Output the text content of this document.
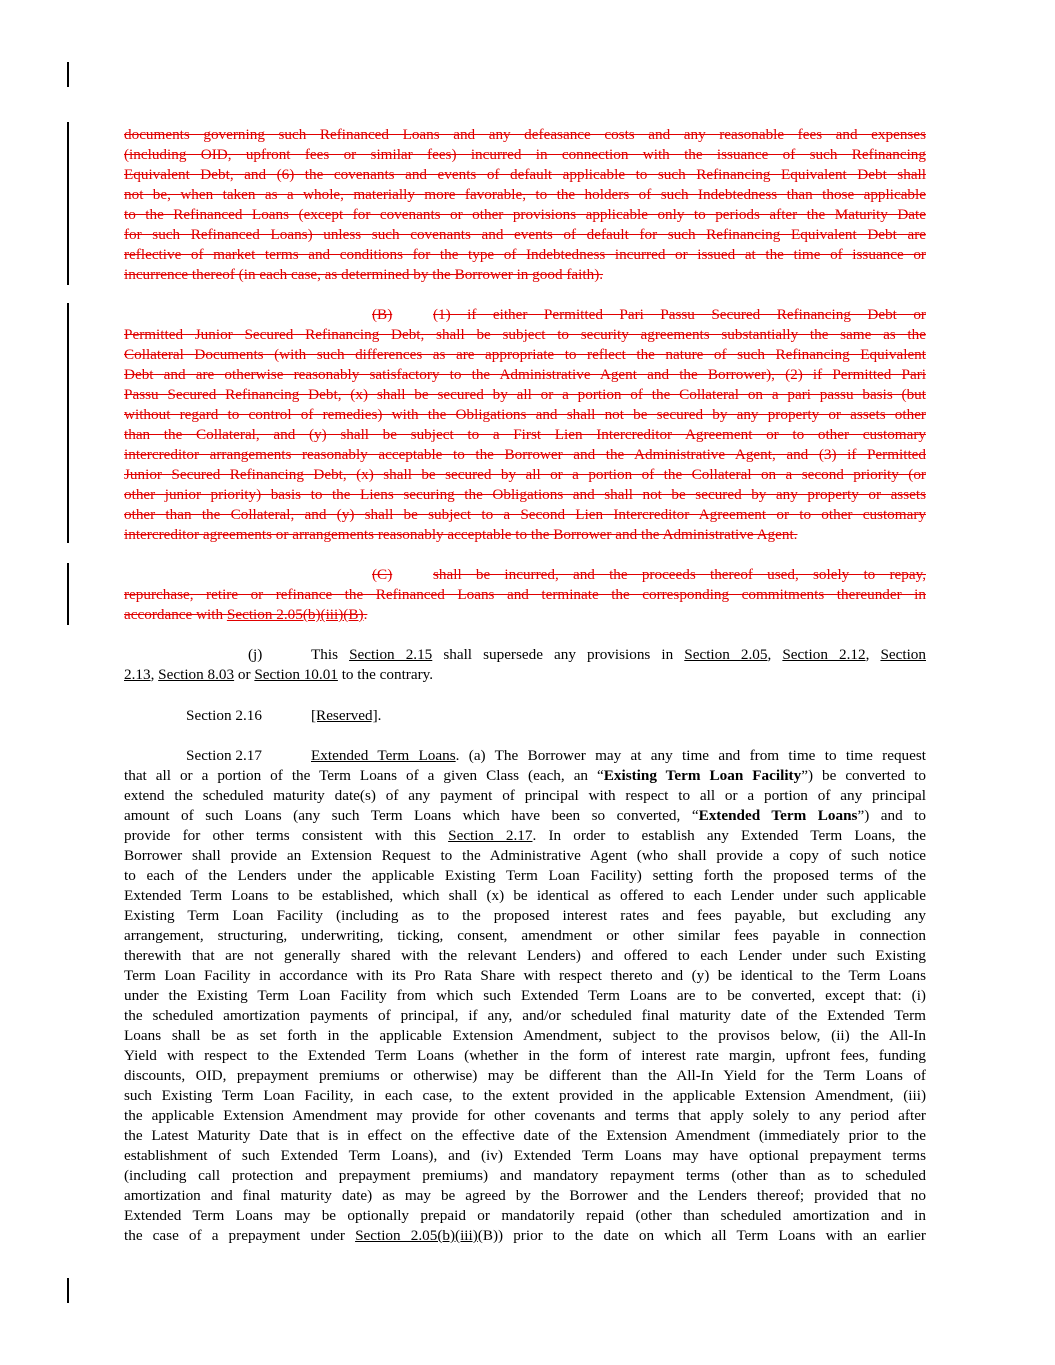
documents governing such Refinanced Loans and any defeasance costs and any reasonable fees and expenses
(including OID, upfront fees or similar fees) incurred in connection with the issuance of such Refinancing
Equivalent Debt, and (6) the covenants and events of default applicable to such Refinancing Equivalent Debt shall
not be, when taken as a whole, materially more favorable, to the holders of such Indebtedness than those applicable
to the Refinanced Loans (except for covenants or other provisions applicable only to periods after the Maturity Date
for such Refinanced Loans) unless such covenants and events of default for such Refinancing Equivalent Debt are
reflective of market terms and conditions for the type of Indebtedness incurred or issued at the time of issuance or
incurrence thereof (in each case, as determined by the Borrower in good faith).
(B)	(1) if either Permitted Pari Passu Secured Refinancing Debt or
Permitted Junior Secured Refinancing Debt, shall be subject to security agreements substantially the same as the
Collateral Documents (with such differences as are appropriate to reflect the nature of such Refinancing Equivalent
Debt and are otherwise reasonably satisfactory to the Administrative Agent and the Borrower), (2) if Permitted Pari
Passu Secured Refinancing Debt, (x) shall be secured by all or a portion of the Collateral on a pari passu basis (but
without regard to control of remedies) with the Obligations and shall not be secured by any property or assets other
than the Collateral, and (y) shall be subject to a First Lien Intercreditor Agreement or to other customary
intercreditor arrangements reasonably acceptable to the Borrower and the Administrative Agent, and (3) if Permitted
Junior Secured Refinancing Debt, (x) shall be secured by all or a portion of the Collateral on a second priority (or
other junior priority) basis to the Liens securing the Obligations and shall not be secured by any property or assets
other than the Collateral, and (y) shall be subject to a Second Lien Intercreditor Agreement or to other customary
intercreditor agreements or arrangements reasonably acceptable to the Borrower and the Administrative Agent.
(C)	shall be incurred, and the proceeds thereof used, solely to repay,
repurchase, retire or refinance the Refinanced Loans and terminate the corresponding commitments thereunder in
accordance with Section 2.05(b)(iii)(B).
(j)	This Section 2.15 shall supersede any provisions in Section 2.05, Section 2.12, Section
2.13, Section 8.03 or Section 10.01 to the contrary.
Section 2.16	[Reserved].
Section 2.17	Extended Term Loans. (a) The Borrower may at any time and from time to time request
that all or a portion of the Term Loans of a given Class (each, an “Existing Term Loan Facility”) be converted to
extend the scheduled maturity date(s) of any payment of principal with respect to all or a portion of any principal
amount of such Loans (any such Term Loans which have been so converted, “Extended Term Loans”) and to
provide for other terms consistent with this Section 2.17. In order to establish any Extended Term Loans, the
Borrower shall provide an Extension Request to the Administrative Agent (who shall provide a copy of such notice
to each of the Lenders under the applicable Existing Term Loan Facility) setting forth the proposed terms of the
Extended Term Loans to be established, which shall (x) be identical as offered to each Lender under such applicable
Existing Term Loan Facility (including as to the proposed interest rates and fees payable, but excluding any
arrangement, structuring, underwriting, ticking, consent, amendment or other similar fees payable in connection
therewith that are not generally shared with the relevant Lenders) and offered to each Lender under such Existing
Term Loan Facility in accordance with its Pro Rata Share with respect thereto and (y) be identical to the Term Loans
under the Existing Term Loan Facility from which such Extended Term Loans are to be converted, except that: (i)
the scheduled amortization payments of principal, if any, and/or scheduled final maturity date of the Extended Term
Loans shall be as set forth in the applicable Extension Amendment, subject to the provisos below, (ii) the All-In
Yield with respect to the Extended Term Loans (whether in the form of interest rate margin, upfront fees, funding
discounts, OID, prepayment premiums or otherwise) may be different than the All-In Yield for the Term Loans of
such Existing Term Loan Facility, in each case, to the extent provided in the applicable Extension Amendment, (iii)
the applicable Extension Amendment may provide for other covenants and terms that apply solely to any period after
the Latest Maturity Date that is in effect on the effective date of the Extension Amendment (immediately prior to the
establishment of such Extended Term Loans), and (iv) Extended Term Loans may have optional prepayment terms
(including call protection and prepayment premiums) and mandatory repayment terms (other than as to scheduled
amortization and final maturity date) as may be agreed by the Borrower and the Lenders thereof; provided that no
Extended Term Loans may be optionally prepaid or mandatorily repaid (other than scheduled amortization and in
the case of a prepayment under Section 2.05(b)(iii)(B)) prior to the date on which all Term Loans with an earlier
